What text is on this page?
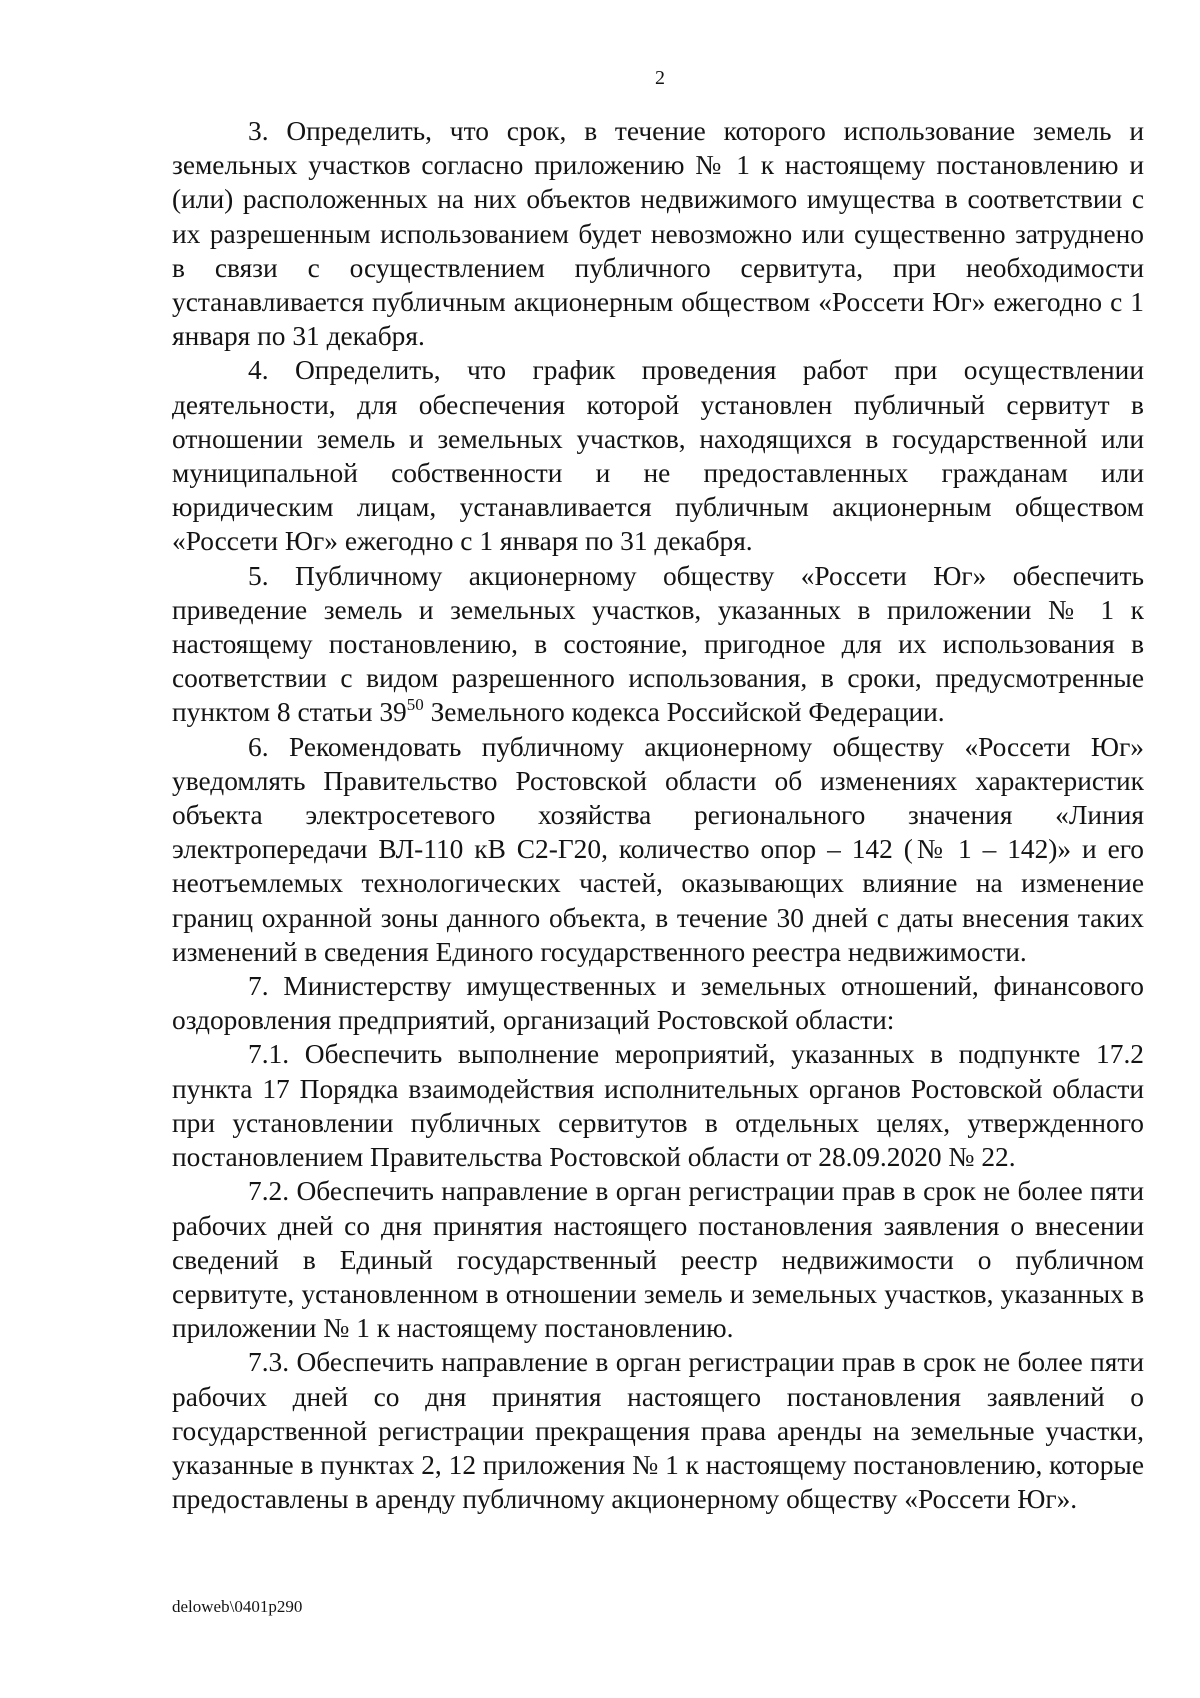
2

3. Определить, что срок, в течение которого использование земель и земельных участков согласно приложению № 1 к настоящему постановлению и (или) расположенных на них объектов недвижимого имущества в соответствии с их разрешенным использованием будет невозможно или существенно затруднено в связи с осуществлением публичного сервитута, при необходимости устанавливается публичным акционерным обществом «Россети Юг» ежегодно с 1 января по 31 декабря.

4. Определить, что график проведения работ при осуществлении деятельности, для обеспечения которой установлен публичный сервитут в отношении земель и земельных участков, находящихся в государственной или муниципальной собственности и не предоставленных гражданам или юридическим лицам, устанавливается публичным акционерным обществом «Россети Юг» ежегодно с 1 января по 31 декабря.

5. Публичному акционерному обществу «Россети Юг» обеспечить приведение земель и земельных участков, указанных в приложении № 1 к настоящему постановлению, в состояние, пригодное для их использования в соответствии с видом разрешенного использования, в сроки, предусмотренные пунктом 8 статьи $39^{50}$ Земельного кодекса Российской Федерации.

6. Рекомендовать публичному акционерному обществу «Россети Юг» уведомлять Правительство Ростовской области об изменениях характеристик объекта электросетевого хозяйства регионального значения «Линия электропередачи ВЛ-110 кВ С2-Г20, количество опор – 142 (№ 1 – 142)» и его неотъемлемых технологических частей, оказывающих влияние на изменение границ охранной зоны данного объекта, в течение 30 дней с даты внесения таких изменений в сведения Единого государственного реестра недвижимости.

7. Министерству имущественных и земельных отношений, финансового оздоровления предприятий, организаций Ростовской области:

7.1. Обеспечить выполнение мероприятий, указанных в подпункте 17.2 пункта 17 Порядка взаимодействия исполнительных органов Ростовской области при установлении публичных сервитутов в отдельных целях, утвержденного постановлением Правительства Ростовской области от 28.09.2020 № 22.

7.2. Обеспечить направление в орган регистрации прав в срок не более пяти рабочих дней со дня принятия настоящего постановления заявления о внесении сведений в Единый государственный реестр недвижимости о публичном сервитуте, установленном в отношении земель и земельных участков, указанных в приложении № 1 к настоящему постановлению.

7.3. Обеспечить направление в орган регистрации прав в срок не более пяти рабочих дней со дня принятия настоящего постановления заявлений о государственной регистрации прекращения права аренды на земельные участки, указанные в пунктах 2, 12 приложения № 1 к настоящему постановлению, которые предоставлены в аренду публичному акционерному обществу «Россети Юг».

deloweb\0401p290
